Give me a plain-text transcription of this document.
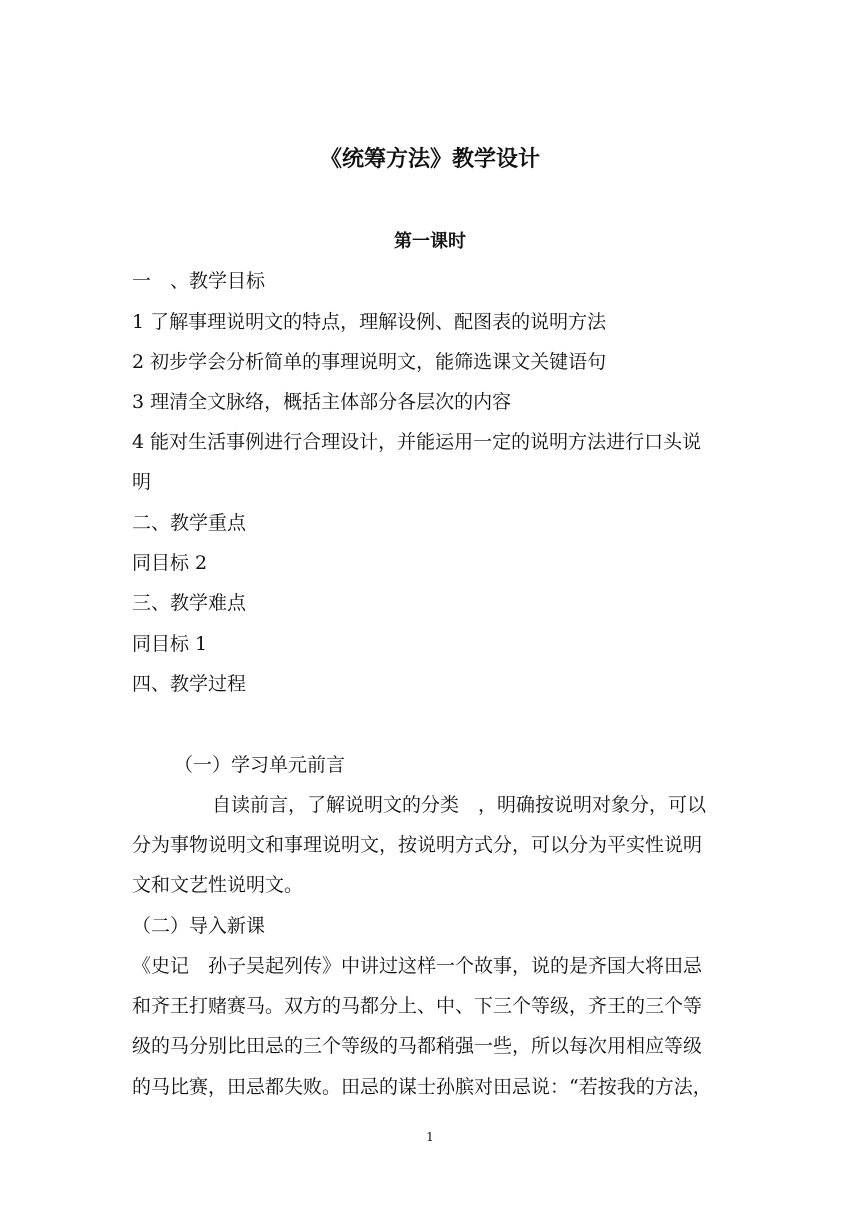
《统筹方法》教学设计
第一课时

一　、教学目标

1 了解事理说明文的特点，理解设例、配图表的说明方法

2 初步学会分析简单的事理说明文，能筛选课文关键语句

3 理清全文脉络，概括主体部分各层次的内容

4 能对生活事例进行合理设计，并能运用一定的说明方法进行口头说

明

二、教学重点

同目标 2

三、教学难点

同目标 1

四、教学过程

（一）学习单元前言

自读前言，了解说明文的分类　，明确按说明对象分，可以

分为事物说明文和事理说明文，按说明方式分，可以分为平实性说明

文和文艺性说明文。

（二）导入新课

《史记　孙子吴起列传》中讲过这样一个故事，说的是齐国大将田忌

和齐王打赌赛马。双方的马都分上、中、下三个等级，齐王的三个等

级的马分别比田忌的三个等级的马都稍强一些，所以每次用相应等级

的马比赛，田忌都失败。田忌的谋士孙膑对田忌说：“若按我的方法，

1
